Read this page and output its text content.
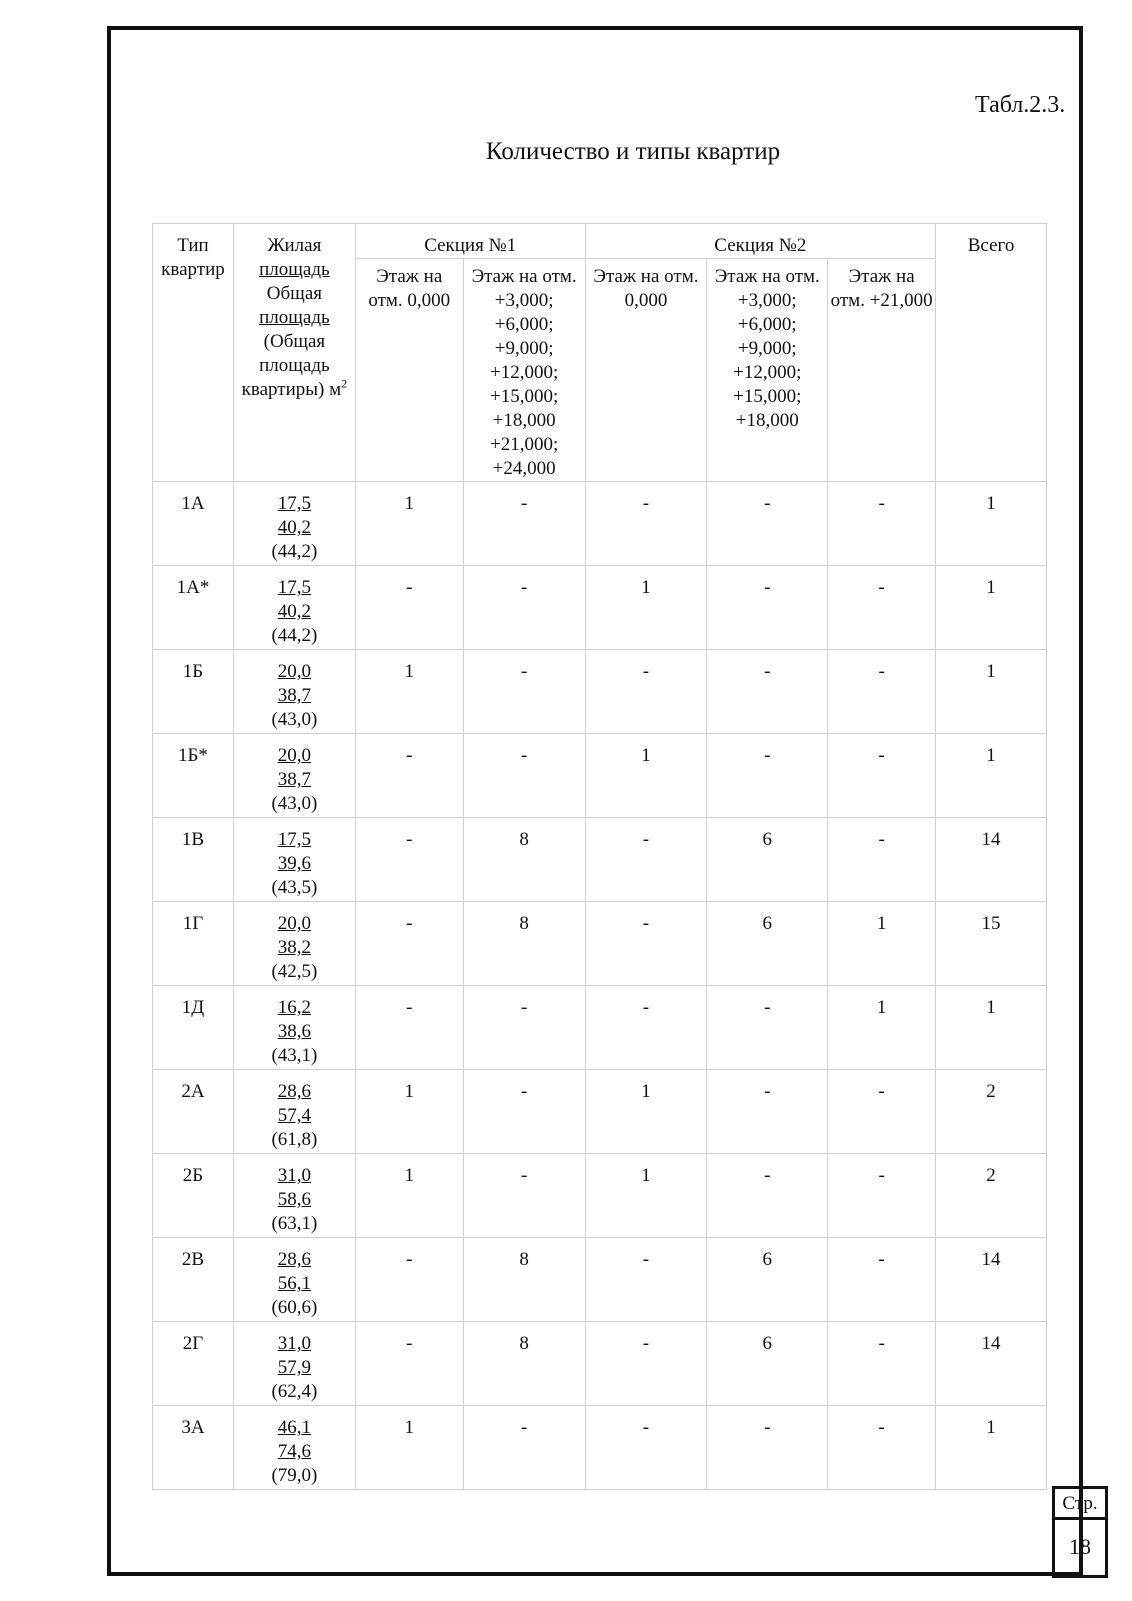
Табл.2.3.
Количество и типы квартир
Тип квартир	Жилая
площадь
Общая
площадь
(Общая площадь квартиры) $м^2$	Секция №1		Секция №2			Всего
		Этаж на отм. 0,000	Этаж на отм. +3,000; +6,000; +9,000; +12,000; +15,000; +18,000 +21,000; +24,000	Этаж на отм. 0,000	Этаж на отм. +3,000; +6,000; +9,000; +12,000; +15,000; +18,000	Этаж на отм. +21,000	
1А	17,5
40,2
(44,2)	1	-	-	-	-	1
1А*	17,5
40,2
(44,2)	-	-	1	-	-	1
1Б	20,0
38,7
(43,0)	1	-	-	-	-	1
1Б*	20,0
38,7
(43,0)	-	-	1	-	-	1
1В	17,5
39,6
(43,5)	-	8	-	6	-	14
1Г	20,0
38,2
(42,5)	-	8	-	6	1	15
1Д	16,2
38,6
(43,1)	-	-	-	-	1	1
2А	28,6
57,4
(61,8)	1	-	1	-	-	2
2Б	31,0
58,6
(63,1)	1	-	1	-	-	2
2В	28,6
56,1
(60,6)	-	8	-	6	-	14
2Г	31,0
57,9
(62,4)	-	8	-	6	-	14
3А	46,1
74,6
(79,0)	1	-	-	-	-	1
Стр.
18
